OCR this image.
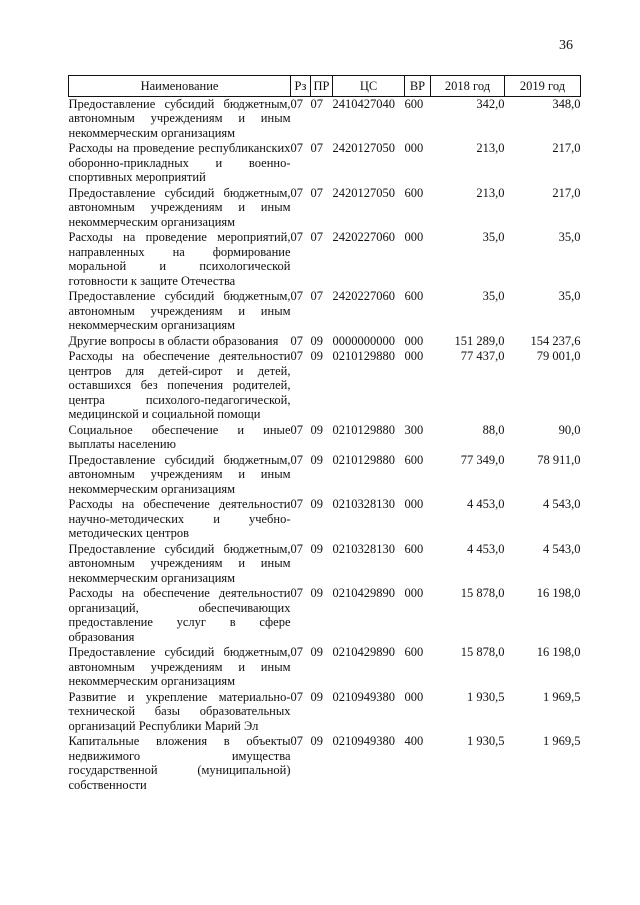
36
Наименование	Рз	ПР	ЦС	ВР	2018 год	2019 год
Предоставление субсидий бюджетным, автономным учреждениям и иным некоммерческим организациям	07	07	2410427040	600	342,0	348,0
Расходы на проведение республиканских оборонно-прикладных и военно-спортивных мероприятий	07	07	2420127050	000	213,0	217,0
Предоставление субсидий бюджетным, автономным учреждениям и иным некоммерческим организациям	07	07	2420127050	600	213,0	217,0
Расходы на проведение мероприятий, направленных на формирование моральной и психологической готовности к защите Отечества	07	07	2420227060	000	35,0	35,0
Предоставление субсидий бюджетным, автономным учреждениям и иным некоммерческим организациям	07	07	2420227060	600	35,0	35,0
Другие вопросы в области образования	07	09	0000000000	000	151 289,0	154 237,6
Расходы на обеспечение деятельности центров для детей-сирот и детей, оставшихся без попечения родителей, центра психолого-педагогической, медицинской и социальной помощи	07	09	0210129880	000	77 437,0	79 001,0
Социальное обеспечение и иные выплаты населению	07	09	0210129880	300	88,0	90,0
Предоставление субсидий бюджетным, автономным учреждениям и иным некоммерческим организациям	07	09	0210129880	600	77 349,0	78 911,0
Расходы на обеспечение деятельности научно-методических и учебно-методических центров	07	09	0210328130	000	4 453,0	4 543,0
Предоставление субсидий бюджетным, автономным учреждениям и иным некоммерческим организациям	07	09	0210328130	600	4 453,0	4 543,0
Расходы на обеспечение деятельности организаций, обеспечивающих предоставление услуг в сфере образования	07	09	0210429890	000	15 878,0	16 198,0
Предоставление субсидий бюджетным, автономным учреждениям и иным некоммерческим организациям	07	09	0210429890	600	15 878,0	16 198,0
Развитие и укрепление материально-технической базы образовательных организаций Республики Марий Эл	07	09	0210949380	000	1 930,5	1 969,5
Капитальные вложения в объекты недвижимого имущества государственной (муниципальной) собственности	07	09	0210949380	400	1 930,5	1 969,5
